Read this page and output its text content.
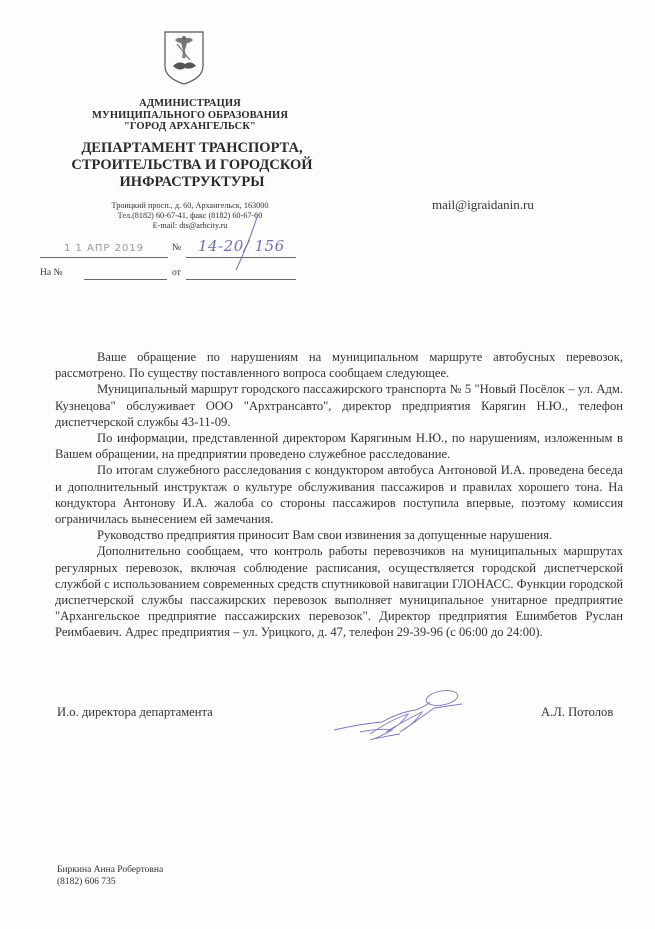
АДМИНИСТРАЦИЯ
МУНИЦИПАЛЬНОГО ОБРАЗОВАНИЯ
"ГОРОД АРХАНГЕЛЬСК"
ДЕПАРТАМЕНТ ТРАНСПОРТА,
СТРОИТЕЛЬСТВА И ГОРОДСКОЙ
ИНФРАСТРУКТУРЫ
Троицкий просп., д. 60, Архангельск, 163000
Тел.(8182) 60-67-41, факс (8182) 60-67-60
E-mail: dts@arhcity.ru
1 1 АПР 2019	№	14-20/ 156
На №	от
mail@igraidanin.ru

Ваше обращение по нарушениям на муниципальном маршруте автобусных перевозок, рассмотрено. По существу поставленного вопроса сообщаем следующее.

Муниципальный маршрут городского пассажирского транспорта № 5 "Новый Посёлок – ул. Адм. Кузнецова" обслуживает ООО "Архтрансавто", директор предприятия Карягин Н.Ю., телефон диспетчерской службы 43-11-09.

По информации, представленной директором Карягиным Н.Ю., по нарушениям, изложенным в Вашем обращении, на предприятии проведено служебное расследование.

По итогам служебного расследования с кондуктором автобуса Антоновой И.А. проведена беседа и дополнительный инструктаж о культуре обслуживания пассажиров и правилах хорошего тона. На кондуктора Антонову И.А. жалоба со стороны пассажиров поступила впервые, поэтому комиссия ограничилась вынесением ей замечания.

Руководство предприятия приносит Вам свои извинения за допущенные нарушения.

Дополнительно сообщаем, что контроль работы перевозчиков на муниципальных маршрутах регулярных перевозок, включая соблюдение расписания, осуществляется городской диспетчерской службой с использованием современных средств спутниковой навигации ГЛОНАСС. Функции городской диспетчерской службы пассажирских перевозок выполняет муниципальное унитарное предприятие "Архангельское предприятие пассажирских перевозок". Директор предприятия Ешимбетов Руслан Реимбаевич. Адрес предприятия – ул. Урицкого, д. 47, телефон 29-39-96 (с 06:00 до 24:00).

И.о. директора департамента	А.Л. Потолов
Биркина Анна Робертовна
(8182) 606 735
